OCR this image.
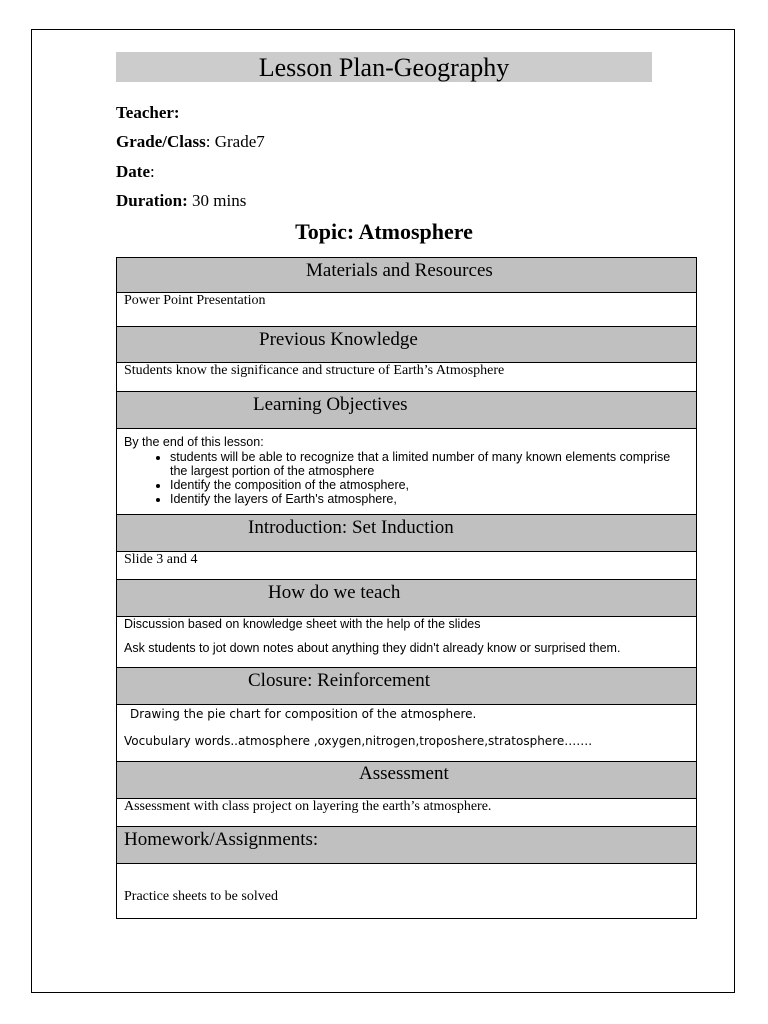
Lesson Plan-Geography
Teacher:
Grade/Class: Grade7
Date:
Duration: 30 mins
Topic: Atmosphere
Materials and Resources
Power Point Presentation
Previous Knowledge
Students know the significance and structure of Earth’s Atmosphere
Learning Objectives
By the end of this lesson:
• students will be able to recognize that a limited number of many known elements comprise the largest portion of the atmosphere
• Identify the composition of the atmosphere,
• Identify the layers of Earth's atmosphere,
Introduction: Set Induction
Slide 3 and 4
How do we teach
Discussion based on knowledge sheet with the help of the slides
Ask students to jot down notes about anything they didn't already know or surprised them.
Closure: Reinforcement
Drawing the pie chart for composition of the atmosphere.
Vocubulary words..atmosphere ,oxygen,nitrogen,troposhere,stratosphere…….
Assessment
Assessment with class project on layering the earth’s atmosphere.
Homework/Assignments:
Practice sheets to be solved
